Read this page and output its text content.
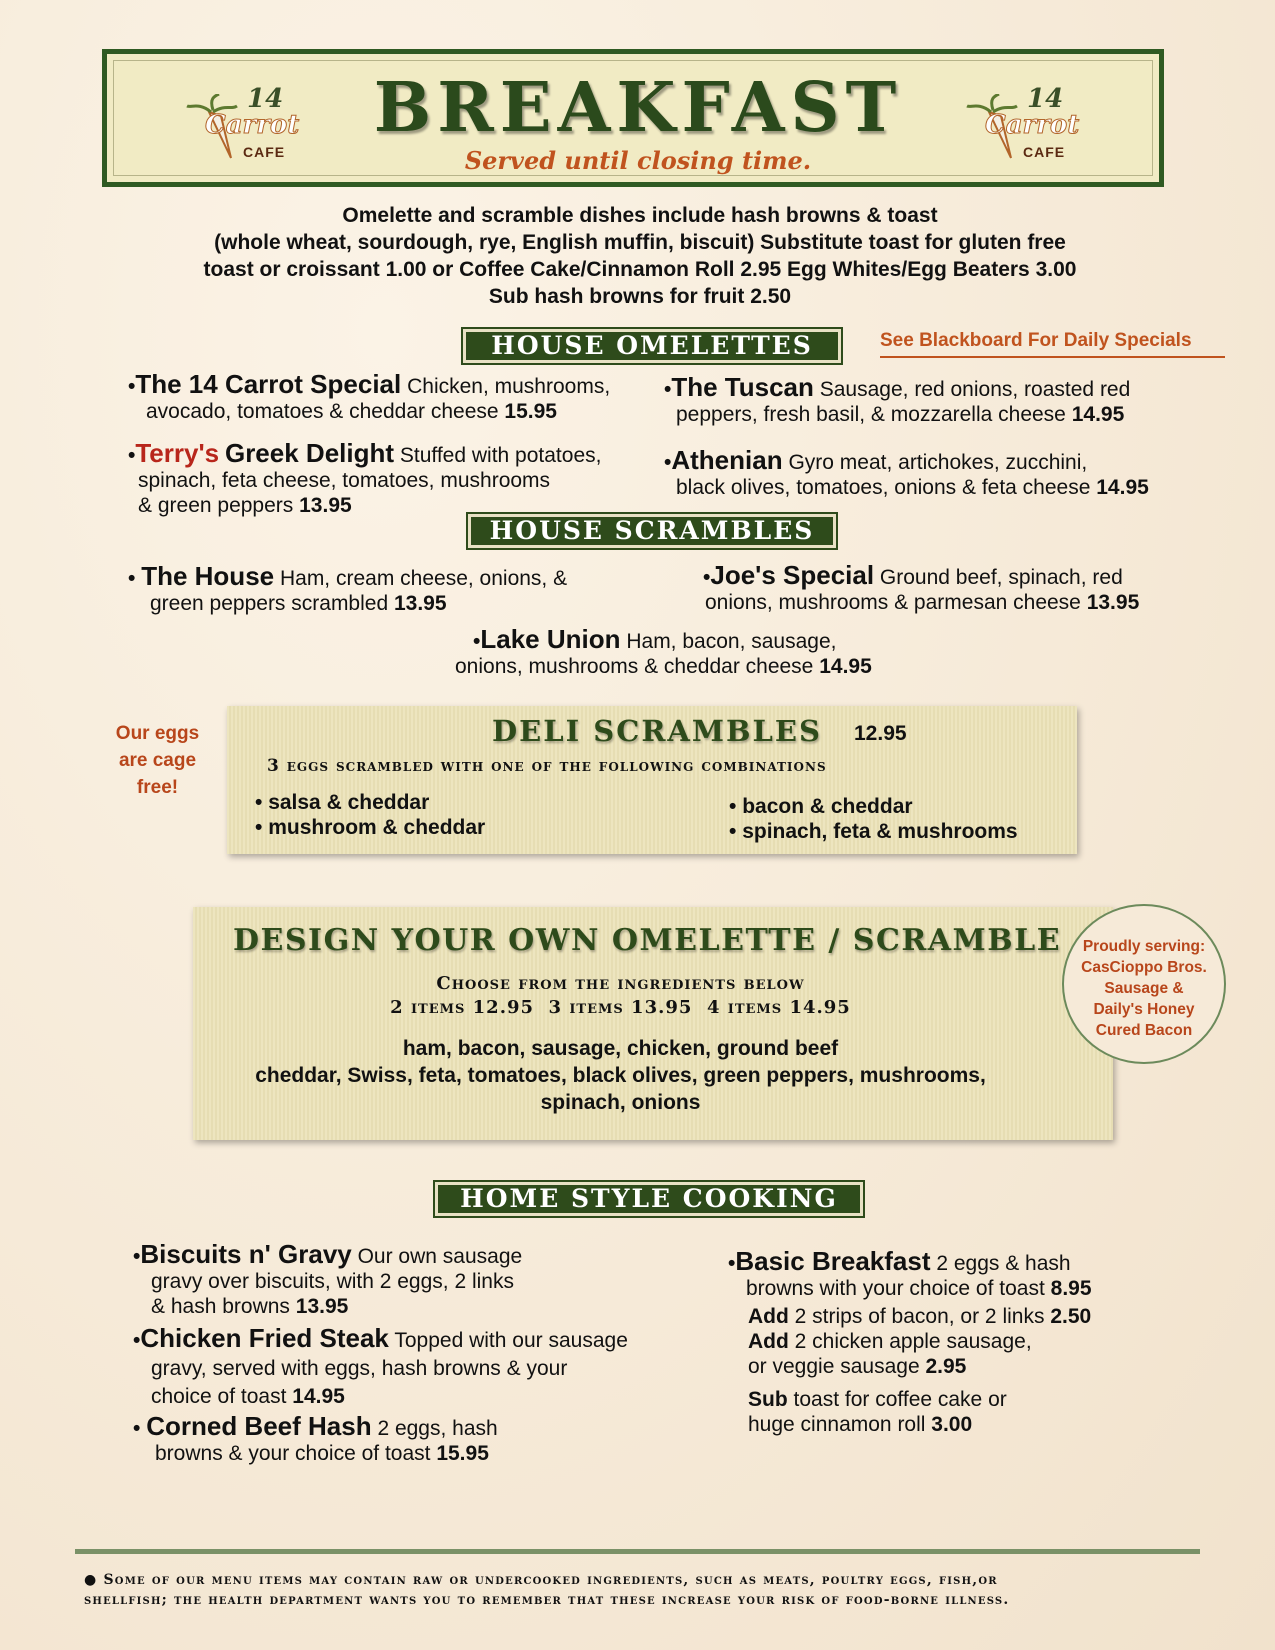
BREAKFAST
Served until closing time.
14
Carrot
CAFE
14
Carrot
CAFE
Omelette and scramble dishes include hash browns & toast
(whole wheat, sourdough, rye, English muffin, biscuit) Substitute toast for gluten free
toast or croissant 1.00 or Coffee Cake/Cinnamon Roll 2.95 Egg Whites/Egg Beaters 3.00
Sub hash browns for fruit 2.50
HOUSE OMELETTES	See Blackboard For Daily Specials
•The 14 Carrot Special Chicken, mushrooms,
avocado, tomatoes & cheddar cheese 15.95
•The Tuscan Sausage, red onions, roasted red
peppers, fresh basil, & mozzarella cheese 14.95
•Terry's Greek Delight Stuffed with potatoes,
spinach, feta cheese, tomatoes, mushrooms
& green peppers 13.95
•Athenian Gyro meat, artichokes, zucchini,
black olives, tomatoes, onions & feta cheese 14.95
HOUSE SCRAMBLES
• The House Ham, cream cheese, onions, &
green peppers scrambled 13.95
•Joe's Special Ground beef, spinach, red
onions, mushrooms & parmesan cheese 13.95
•Lake Union Ham, bacon, sausage,
onions, mushrooms & cheddar cheese 14.95
Our eggs
are cage
free!
DELI SCRAMBLES 12.95
3 eggs scrambled with one of the following combinations
• salsa & cheddar
• mushroom & cheddar
• bacon & cheddar
• spinach, feta & mushrooms
DESIGN YOUR OWN OMELETTE / SCRAMBLE
Choose from the ingredients below
2 items 12.95  3 items 13.95  4 items 14.95
ham, bacon, sausage, chicken, ground beef
cheddar, Swiss, feta, tomatoes, black olives, green peppers, mushrooms,
spinach, onions
Proudly serving:
CasCioppo Bros.
Sausage &
Daily's Honey
Cured Bacon
HOME STYLE COOKING
•Biscuits n' Gravy Our own sausage
gravy over biscuits, with 2 eggs, 2 links
& hash browns 13.95
•Chicken Fried Steak Topped with our sausage
gravy, served with eggs, hash browns & your
choice of toast 14.95
• Corned Beef Hash 2 eggs, hash
browns & your choice of toast 15.95
•Basic Breakfast 2 eggs & hash
browns with your choice of toast 8.95
Add 2 strips of bacon, or 2 links 2.50
Add 2 chicken apple sausage,
or veggie sausage 2.95
Sub toast for coffee cake or
huge cinnamon roll 3.00
● Some of our menu items may contain raw or undercooked ingredients, such as meats, poultry eggs, fish,or
shellfish; the health department wants you to remember that these increase your risk of food-borne illness.
